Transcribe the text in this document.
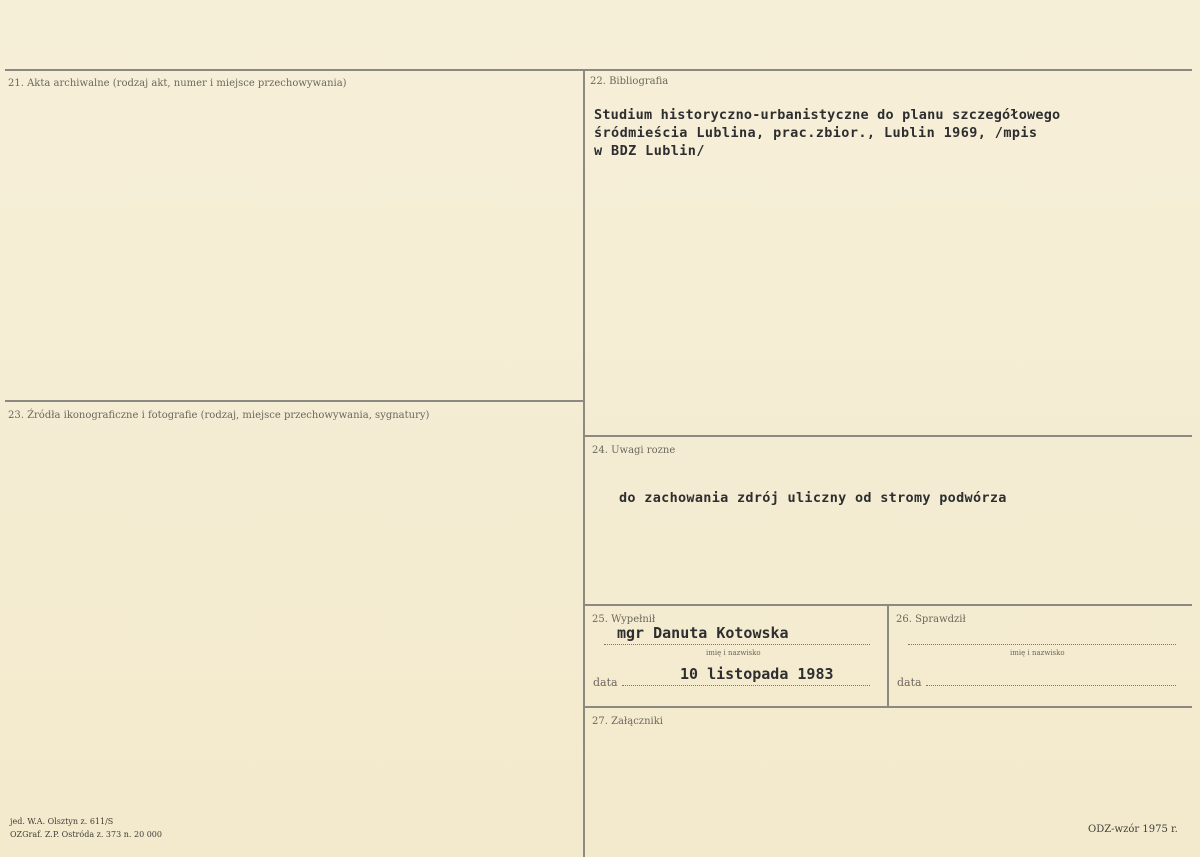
21. Akta archiwalne (rodzaj akt, numer i miejsce przechowywania)	22. Bibliografia
Studium historyczno-urbanistyczne do planu szczegółowego
śródmieścia Lublina, prac.zbior., Lublin 1969, /mpis
w BDZ Lublin/
23. Źródła ikonograficzne i fotografie (rodzaj, miejsce przechowywania, sygnatury)
24. Uwagi rozne
do zachowania zdrój uliczny od stromy podwórza
25. Wypełnił
mgr Danuta Kotowska
imię i nazwisko
data	10 listopada 1983
26. Sprawdził
imię i nazwisko
data
27. Załączniki
jed. W.A. Olsztyn z. 611/S
OZGraf. Z.P. Ostróda z. 373 n. 20 000	ODZ-wzór 1975 r.
